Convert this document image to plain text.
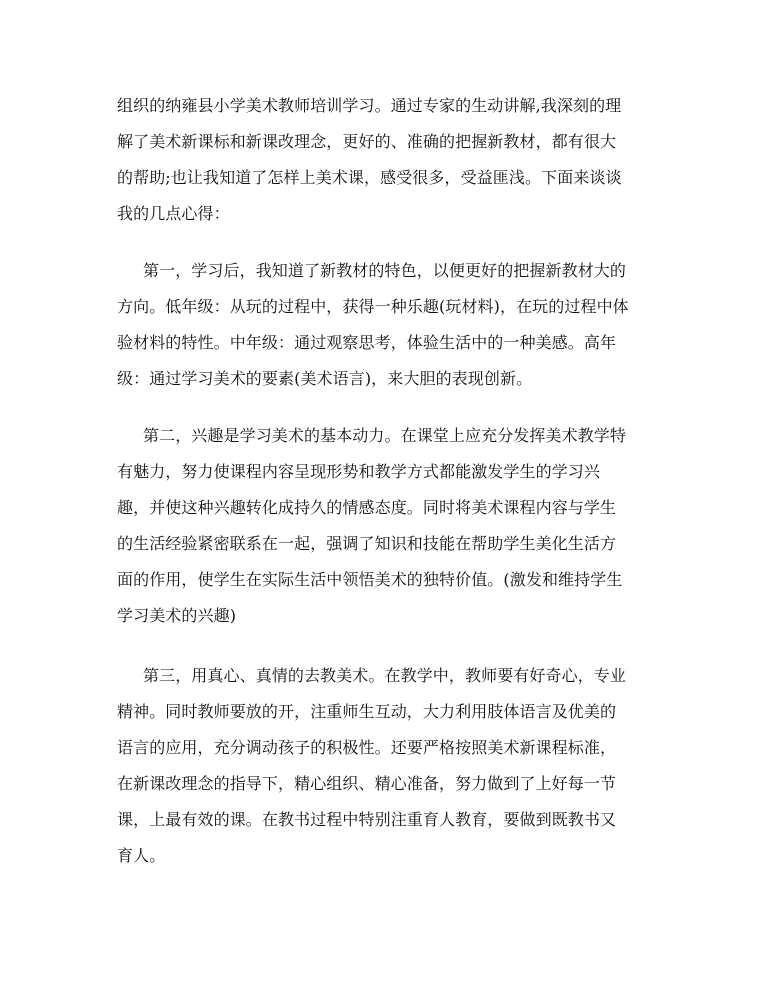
组织的纳雍县小学美术教师培训学习。通过专家的生动讲解,我深刻的理
解了美术新课标和新课改理念，更好的、准确的把握新教材，都有很大
的帮助;也让我知道了怎样上美术课，感受很多，受益匪浅。下面来谈谈
我的几点心得：
第一，学习后，我知道了新教材的特色，以便更好的把握新教材大的
方向。低年级：从玩的过程中，获得一种乐趣(玩材料)，在玩的过程中体
验材料的特性。中年级：通过观察思考，体验生活中的一种美感。高年
级：通过学习美术的要素(美术语言)，来大胆的表现创新。
第二，兴趣是学习美术的基本动力。在课堂上应充分发挥美术教学特
有魅力，努力使课程内容呈现形势和教学方式都能激发学生的学习兴
趣，并使这种兴趣转化成持久的情感态度。同时将美术课程内容与学生
的生活经验紧密联系在一起，强调了知识和技能在帮助学生美化生活方
面的作用，使学生在实际生活中领悟美术的独特价值。(激发和维持学生
学习美术的兴趣)
第三，用真心、真情的去教美术。在教学中，教师要有好奇心，专业
精神。同时教师要放的开，注重师生互动，大力利用肢体语言及优美的
语言的应用，充分调动孩子的积极性。还要严格按照美术新课程标准，
在新课改理念的指导下，精心组织、精心准备，努力做到了上好每一节
课，上最有效的课。在教书过程中特别注重育人教育，要做到既教书又
育人。
